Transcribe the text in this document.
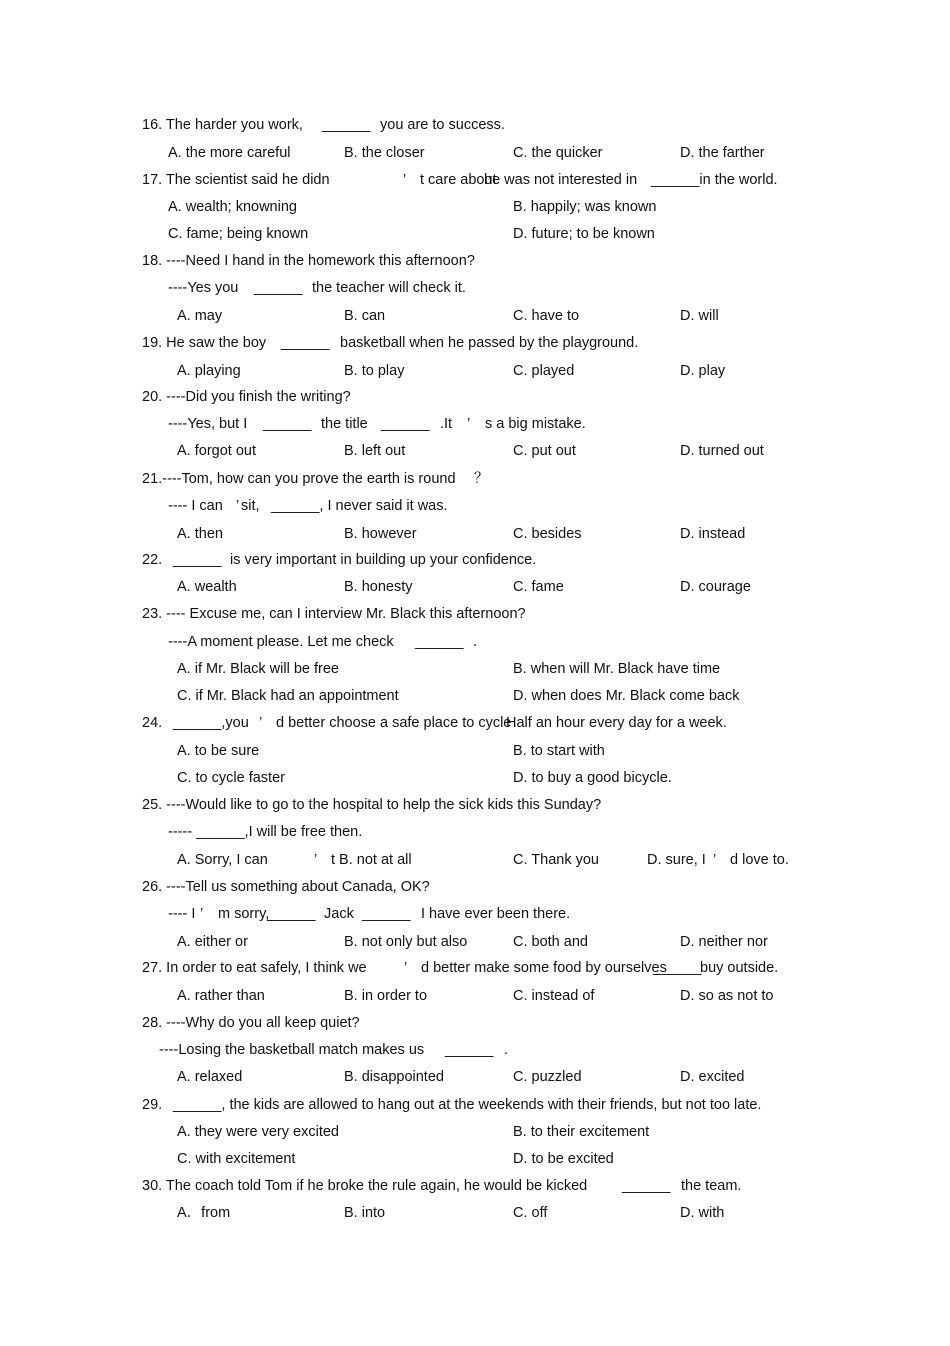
16. The harder you work, ______ you are to success.
A. the more careful	B. the closer	C. the quicker	D. the farther
17. The scientist said he didn	’ t care about
he was not interested in ______in the world.
A. wealth; knowning	B. happily; was known
C. fame; being known	D. future; to be known
18. ----Need I hand in the homework this afternoon?
----Yes you ______ the teacher will check it.
A. may	B. can	C. have to	D. will
19. He saw the boy ______ basketball when he passed by the playground.
A. playing	B. to play	C. played	D. play
20. ----Did you finish the writing?
----Yes, but I ______ the title ______ .It ’ s a big mistake.
A. forgot out	B. left out	C. put out	D. turned out
21.----Tom, how can you prove the earth is round ？
---- I can ’ sit, ______, I never said it was.
A. then	B. however	C. besides	D. instead
22. ______ is very important in building up your confidence.
A. wealth	B. honesty	C. fame	D. courage
23. ---- Excuse me, can I interview Mr. Black this afternoon?
----A moment please. Let me check ______ .
A. if Mr. Black will be free	B. when will Mr. Black have time
C. if Mr. Black had an appointment	D. when does Mr. Black come back
24. ______,you ’ d better choose a safe place to cycle
Half an hour every day for a week.
A. to be sure	B. to start with
C. to cycle faster	D. to buy a good bicycle.
25. ----Would like to go to the hospital to help the sick kids this Sunday?
----- ______,I will be free then.
A. Sorry, I can	’ t B. not at all	C. Thank you	D. sure, I ’ d love to.
26. ----Tell us something about Canada, OK?
---- I ’ m sorry,
______ Jack ______ I have ever been there.
A. either or	B. not only but also	C. both and	D. neither nor
27. In order to eat safely, I think we	’ d better make some food by ourselves
______
buy outside.
A. rather than	B. in order to	C. instead of	D. so as not to
28. ----Why do you all keep quiet?
----Losing the basketball match makes us ______ .
A. relaxed	B. disappointed	C. puzzled	D. excited
29. ______, the kids are allowed to hang out at the weekends with their friends, but not too late.
A. they were very excited	B. to their excitement
C. with excitement	D. to be excited
30. The coach told Tom if he broke the rule again, he would be kicked ______ the team.
A．from	B. into	C. off	D. with
